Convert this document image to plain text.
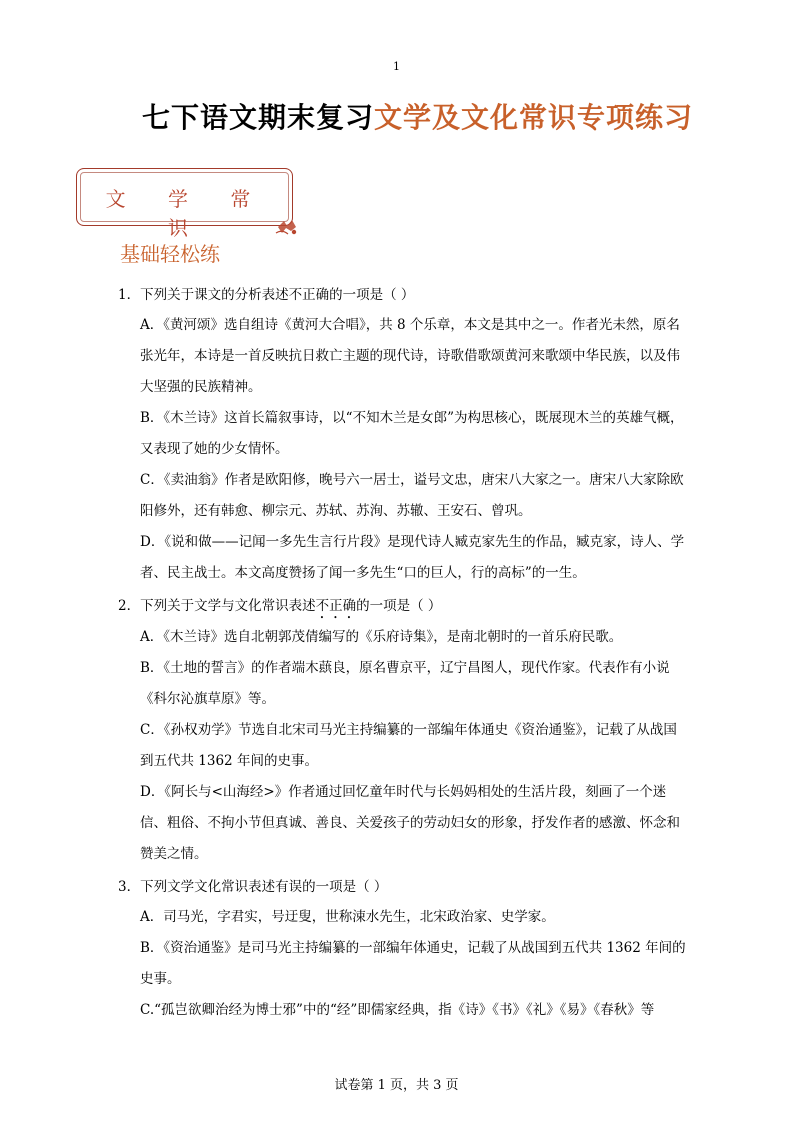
1
七下语文期末复习文学及文化常识专项练习
文 学 常 识
基础轻松练

1．下列关于课文的分析表述不正确的一项是（ ）

A．《黄河颂》选自组诗《黄河大合唱》，共 8 个乐章，本文是其中之一。作者光未然，原名张光年，本诗是一首反映抗日救亡主题的现代诗，诗歌借歌颂黄河来歌颂中华民族，以及伟大坚强的民族精神。

B．《木兰诗》这首长篇叙事诗，以“不知木兰是女郎”为构思核心，既展现木兰的英雄气概，又表现了她的少女情怀。

C．《卖油翁》作者是欧阳修，晚号六一居士，谥号文忠，唐宋八大家之一。唐宋八大家除欧阳修外，还有韩愈、柳宗元、苏轼、苏洵、苏辙、王安石、曾巩。

D．《说和做——记闻一多先生言行片段》是现代诗人臧克家先生的作品，臧克家，诗人、学者、民主战士。本文高度赞扬了闻一多先生“口的巨人，行的高标”的一生。

2．下列关于文学与文化常识表述不正确的一项是（ ）

A．《木兰诗》选自北朝郭茂倩编写的《乐府诗集》，是南北朝时的一首乐府民歌。

B．《土地的誓言》的作者端木蕻良，原名曹京平，辽宁昌图人，现代作家。代表作有小说《科尔沁旗草原》等。

C．《孙权劝学》节选自北宋司马光主持编纂的一部编年体通史《资治通鉴》，记载了从战国到五代共 1362 年间的史事。

D．《阿长与<山海经>》作者通过回忆童年时代与长妈妈相处的生活片段，刻画了一个迷信、粗俗、不拘小节但真诚、善良、关爱孩子的劳动妇女的形象，抒发作者的感激、怀念和赞美之情。

3．下列文学文化常识表述有误的一项是（ ）

A．司马光，字君实，号迂叟，世称涑水先生，北宋政治家、史学家。

B．《资治通鉴》是司马光主持编纂的一部编年体通史，记载了从战国到五代共 1362 年间的史事。

C.“孤岂欲卿治经为博士邪”中的“经”即儒家经典，指《诗》《书》《礼》《易》《春秋》等

试卷第 1 页，共 3 页
